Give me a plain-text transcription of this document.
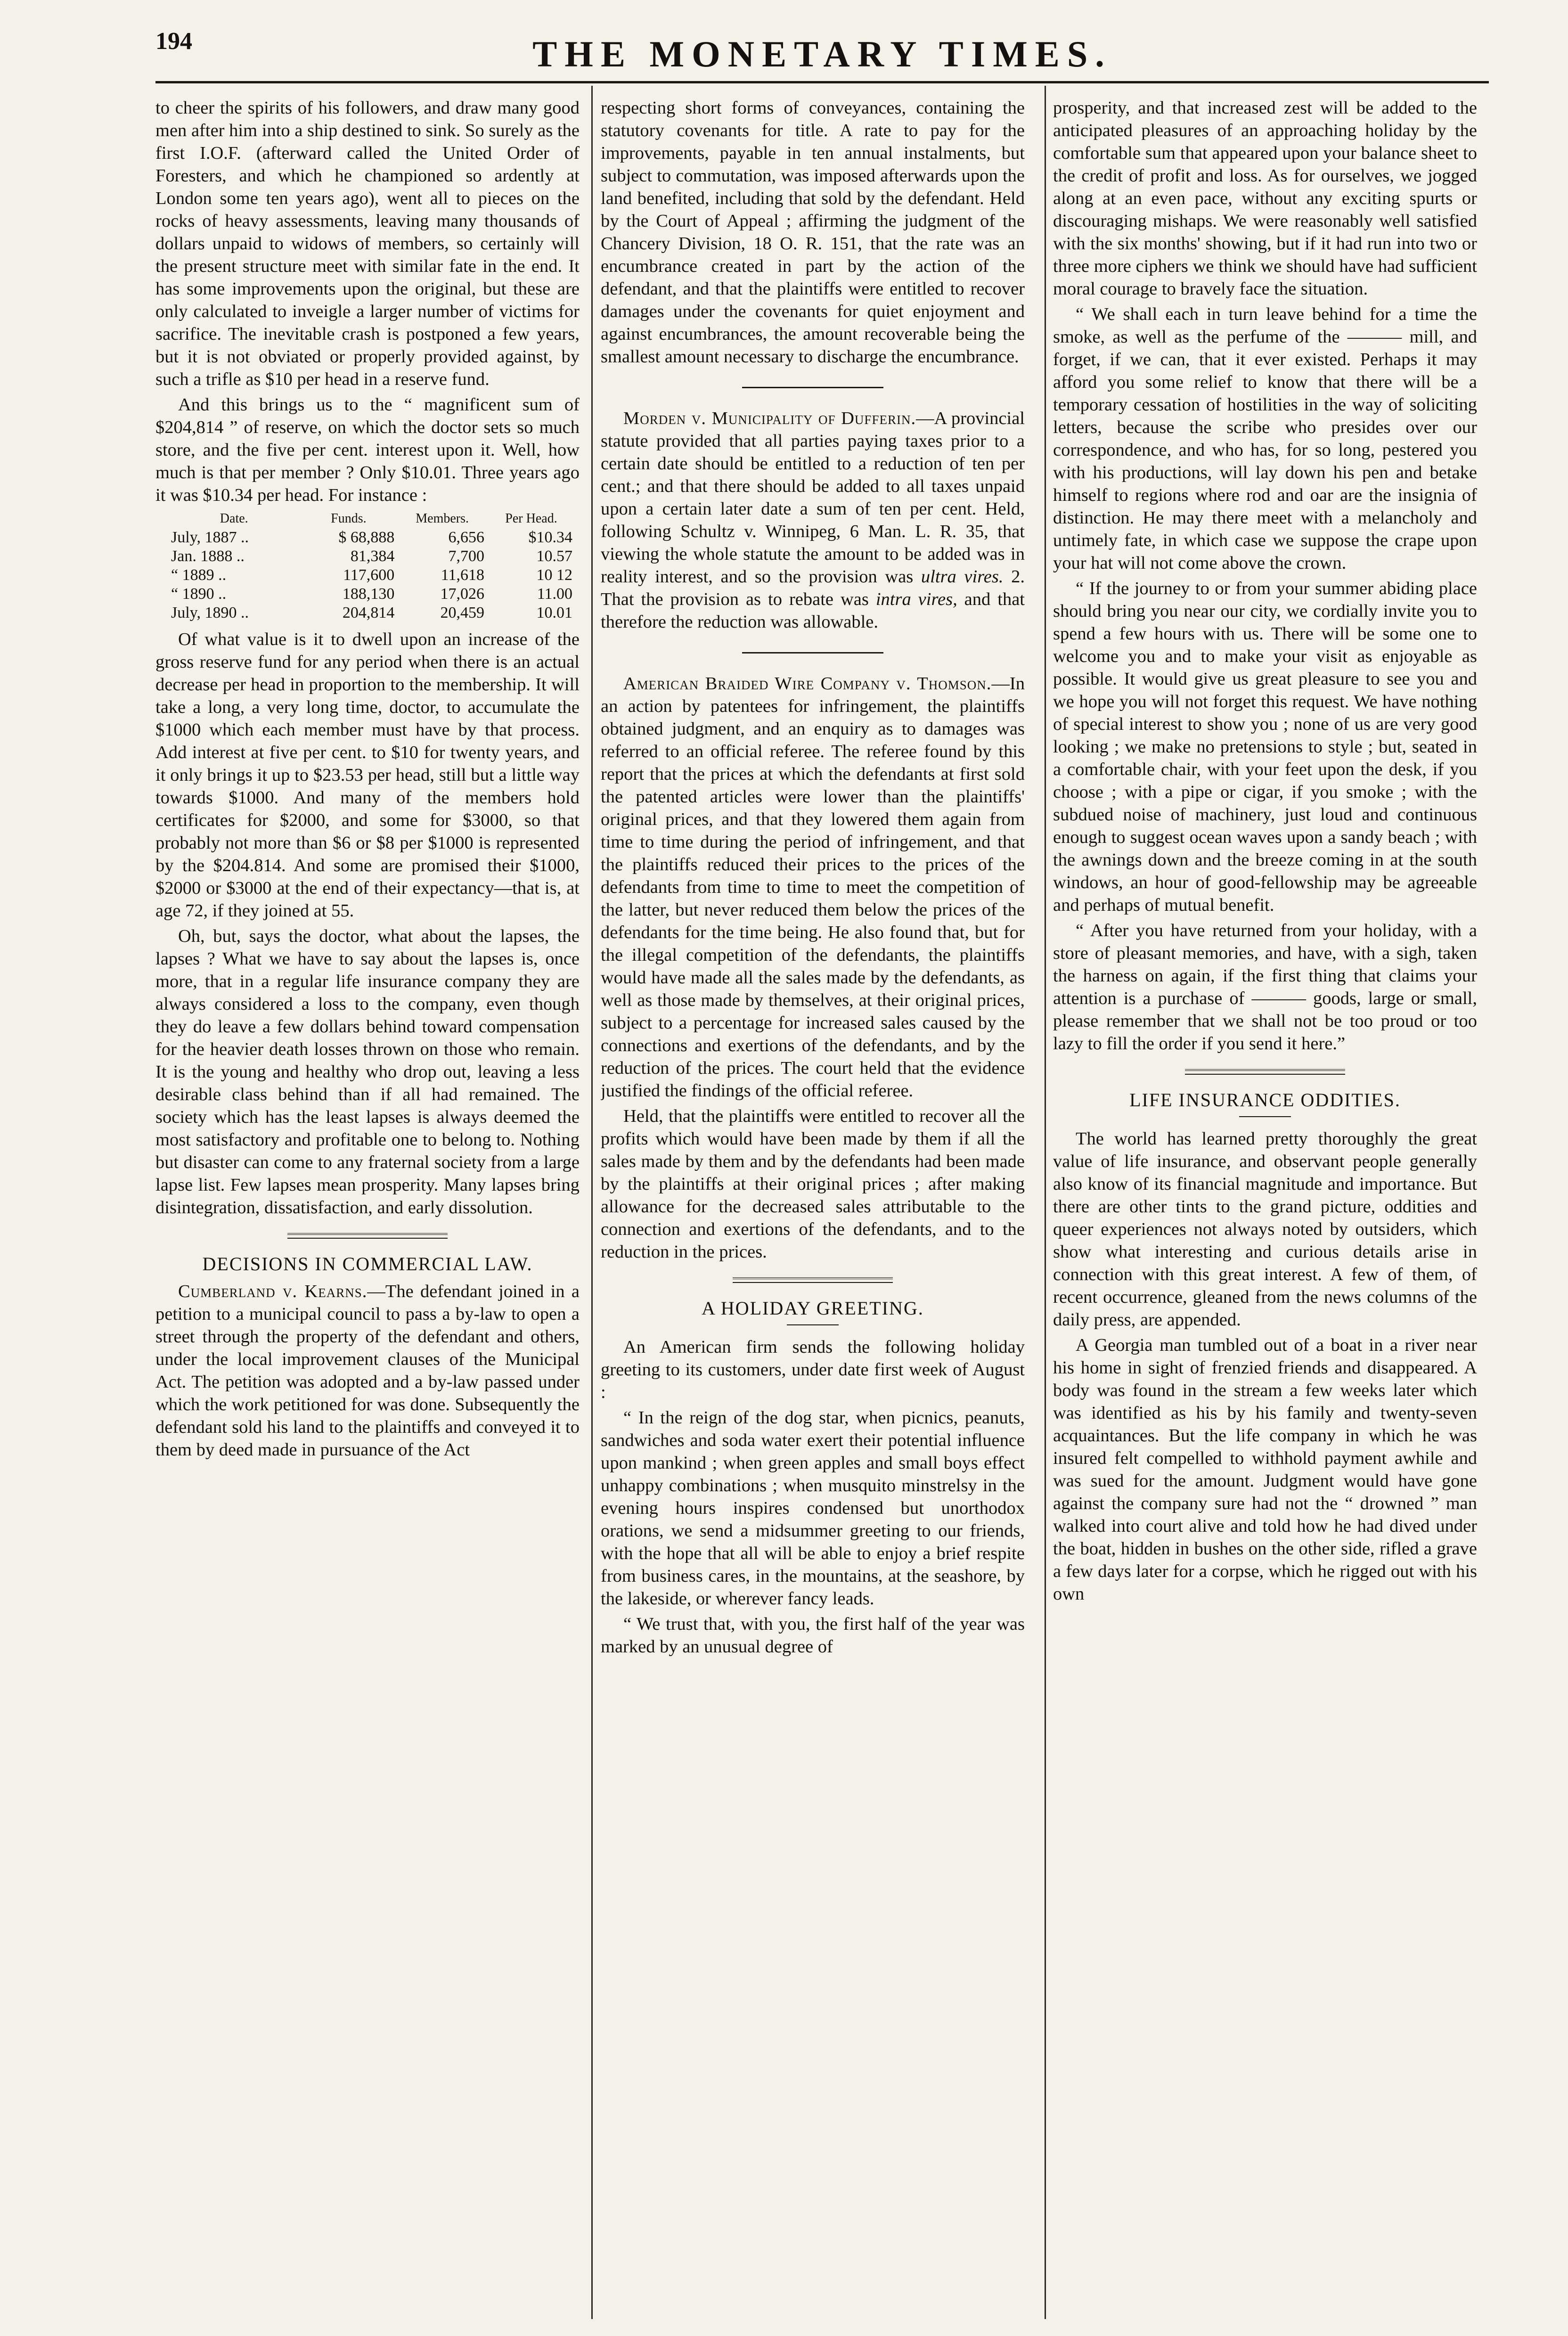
194	THE MONETARY TIMES.

to cheer the spirits of his followers, and draw many good men after him into a ship destined to sink. So surely as the first I.O.F. (afterward called the United Order of Foresters, and which he championed so ardently at London some ten years ago), went all to pieces on the rocks of heavy assessments, leaving many thousands of dollars unpaid to widows of members, so certainly will the present structure meet with similar fate in the end. It has some improvements upon the original, but these are only calculated to inveigle a larger number of victims for sacrifice. The inevitable crash is postponed a few years, but it is not obviated or properly provided against, by such a trifle as $10 per head in a reserve fund.

And this brings us to the “ magnificent sum of $204,814 ” of reserve, on which the doctor sets so much store, and the five per cent. interest upon it. Well, how much is that per member ? Only $10.01. Three years ago it was $10.34 per head. For instance :

Date.	Funds.	Members.	Per Head.
July, 1887 ..	$ 68,888	6,656	$10.34
Jan. 1888 ..	81,384	7,700	10.57
“ 1889 ..	117,600	11,618	10 12
“ 1890 ..	188,130	17,026	11.00
July, 1890 ..	204,814	20,459	10.01

Of what value is it to dwell upon an increase of the gross reserve fund for any period when there is an actual decrease per head in proportion to the membership. It will take a long, a very long time, doctor, to accumulate the $1000 which each member must have by that process. Add interest at five per cent. to $10 for twenty years, and it only brings it up to $23.53 per head, still but a little way towards $1000. And many of the members hold certificates for $2000, and some for $3000, so that probably not more than $6 or $8 per $1000 is represented by the $204.814. And some are promised their $1000, $2000 or $3000 at the end of their expectancy—that is, at age 72, if they joined at 55.

Oh, but, says the doctor, what about the lapses, the lapses ? What we have to say about the lapses is, once more, that in a regular life insurance company they are always considered a loss to the company, even though they do leave a few dollars behind toward compensation for the heavier death losses thrown on those who remain. It is the young and healthy who drop out, leaving a less desirable class behind than if all had remained. The society which has the least lapses is always deemed the most satisfactory and profitable one to belong to. Nothing but disaster can come to any fraternal society from a large lapse list. Few lapses mean prosperity. Many lapses bring disintegration, dissatisfaction, and early dissolution.

DECISIONS IN COMMERCIAL LAW.

Cumberland v. Kearns.—The defendant joined in a petition to a municipal council to pass a by-law to open a street through the property of the defendant and others, under the local improvement clauses of the Municipal Act. The petition was adopted and a by-law passed under which the work petitioned for was done. Subsequently the defendant sold his land to the plaintiffs and conveyed it to them by deed made in pursuance of the Act

respecting short forms of conveyances, containing the statutory covenants for title. A rate to pay for the improvements, payable in ten annual instalments, but subject to commutation, was imposed afterwards upon the land benefited, including that sold by the defendant. Held by the Court of Appeal ; affirming the judgment of the Chancery Division, 18 O. R. 151, that the rate was an encumbrance created in part by the action of the defendant, and that the plaintiffs were entitled to recover damages under the covenants for quiet enjoyment and against encumbrances, the amount recoverable being the smallest amount necessary to discharge the encumbrance.

Morden v. Municipality of Dufferin.—A provincial statute provided that all parties paying taxes prior to a certain date should be entitled to a reduction of ten per cent.; and that there should be added to all taxes unpaid upon a certain later date a sum of ten per cent. Held, following Schultz v. Winnipeg, 6 Man. L. R. 35, that viewing the whole statute the amount to be added was in reality interest, and so the provision was ultra vires. 2. That the provision as to rebate was intra vires, and that therefore the reduction was allowable.

American Braided Wire Company v. Thomson.—In an action by patentees for infringement, the plaintiffs obtained judgment, and an enquiry as to damages was referred to an official referee. The referee found by this report that the prices at which the defendants at first sold the patented articles were lower than the plaintiffs' original prices, and that they lowered them again from time to time during the period of infringement, and that the plaintiffs reduced their prices to the prices of the defendants from time to time to meet the competition of the latter, but never reduced them below the prices of the defendants for the time being. He also found that, but for the illegal competition of the defendants, the plaintiffs would have made all the sales made by the defendants, as well as those made by themselves, at their original prices, subject to a percentage for increased sales caused by the connections and exertions of the defendants, and by the reduction of the prices. The court held that the evidence justified the findings of the official referee.

Held, that the plaintiffs were entitled to recover all the profits which would have been made by them if all the sales made by them and by the defendants had been made by the plaintiffs at their original prices ; after making allowance for the decreased sales attributable to the connection and exertions of the defendants, and to the reduction in the prices.

A HOLIDAY GREETING.

An American firm sends the following holiday greeting to its customers, under date first week of August :

“ In the reign of the dog star, when picnics, peanuts, sandwiches and soda water exert their potential influence upon mankind ; when green apples and small boys effect unhappy combinations ; when musquito minstrelsy in the evening hours inspires condensed but unorthodox orations, we send a midsummer greeting to our friends, with the hope that all will be able to enjoy a brief respite from business cares, in the mountains, at the seashore, by the lakeside, or wherever fancy leads.

“ We trust that, with you, the first half of the year was marked by an unusual degree of

prosperity, and that increased zest will be added to the anticipated pleasures of an approaching holiday by the comfortable sum that appeared upon your balance sheet to the credit of profit and loss. As for ourselves, we jogged along at an even pace, without any exciting spurts or discouraging mishaps. We were reasonably well satisfied with the six months' showing, but if it had run into two or three more ciphers we think we should have had sufficient moral courage to bravely face the situation.

“ We shall each in turn leave behind for a time the smoke, as well as the perfume of the ——— mill, and forget, if we can, that it ever existed. Perhaps it may afford you some relief to know that there will be a temporary cessation of hostilities in the way of soliciting letters, because the scribe who presides over our correspondence, and who has, for so long, pestered you with his productions, will lay down his pen and betake himself to regions where rod and oar are the insignia of distinction. He may there meet with a melancholy and untimely fate, in which case we suppose the crape upon your hat will not come above the crown.

“ If the journey to or from your summer abiding place should bring you near our city, we cordially invite you to spend a few hours with us. There will be some one to welcome you and to make your visit as enjoyable as possible. It would give us great pleasure to see you and we hope you will not forget this request. We have nothing of special interest to show you ; none of us are very good looking ; we make no pretensions to style ; but, seated in a comfortable chair, with your feet upon the desk, if you choose ; with a pipe or cigar, if you smoke ; with the subdued noise of machinery, just loud and continuous enough to suggest ocean waves upon a sandy beach ; with the awnings down and the breeze coming in at the south windows, an hour of good-fellowship may be agreeable and perhaps of mutual benefit.

“ After you have returned from your holiday, with a store of pleasant memories, and have, with a sigh, taken the harness on again, if the first thing that claims your attention is a purchase of ——— goods, large or small, please remember that we shall not be too proud or too lazy to fill the order if you send it here.”

LIFE INSURANCE ODDITIES.

The world has learned pretty thoroughly the great value of life insurance, and observant people generally also know of its financial magnitude and importance. But there are other tints to the grand picture, oddities and queer experiences not always noted by outsiders, which show what interesting and curious details arise in connection with this great interest. A few of them, of recent occurrence, gleaned from the news columns of the daily press, are appended.

A Georgia man tumbled out of a boat in a river near his home in sight of frenzied friends and disappeared. A body was found in the stream a few weeks later which was identified as his by his family and twenty-seven acquaintances. But the life company in which he was insured felt compelled to withhold payment awhile and was sued for the amount. Judgment would have gone against the company sure had not the “ drowned ” man walked into court alive and told how he had dived under the boat, hidden in bushes on the other side, rifled a grave a few days later for a corpse, which he rigged out with his own
